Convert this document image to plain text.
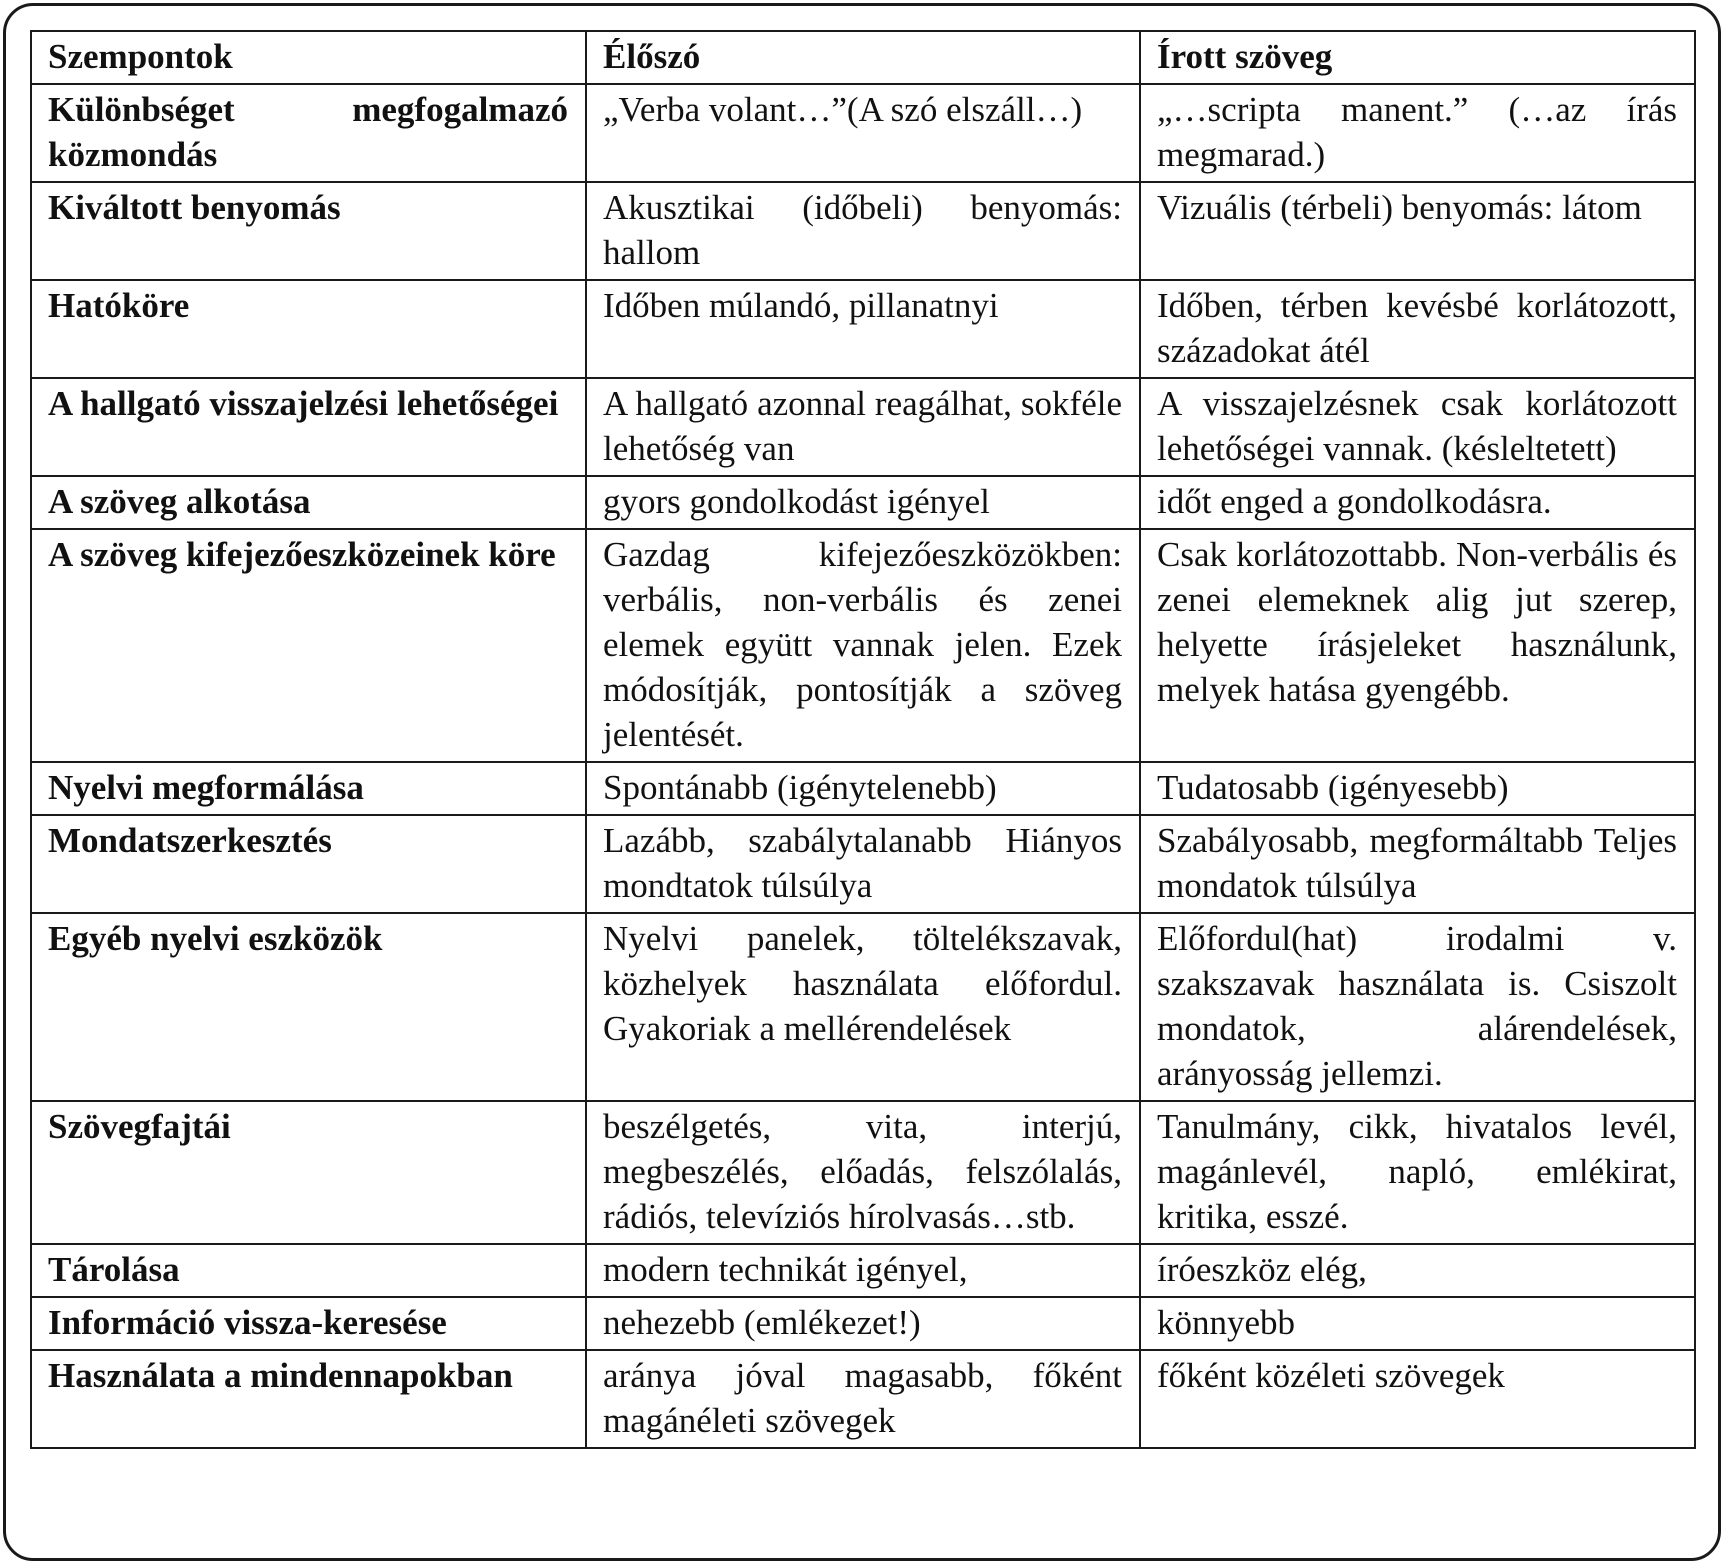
Szempontok	Élőszó	Írott szöveg
Különbséget megfogalmazó közmondás	„Verba volant…”(A szó elszáll…)	„…scripta manent.” (…az írás megmarad.)
Kiváltott benyomás	Akusztikai (időbeli) benyomás: hallom	Vizuális (térbeli) benyomás: látom
Hatóköre	Időben múlandó, pillanatnyi	Időben, térben kevésbé korlátozott, századokat átél
A hallgató visszajelzési lehetőségei	A hallgató azonnal reagálhat, sokféle lehetőség van	A visszajelzésnek csak korlátozott lehetőségei vannak. (késleltetett)
A szöveg alkotása	gyors gondolkodást igényel	időt enged a gondolkodásra.
A szöveg kifejezőeszközeinek köre	Gazdag kifejezőeszközökben: verbális, non-verbális és zenei elemek együtt vannak jelen. Ezek módosítják, pontosítják a szöveg jelentését.	Csak korlátozottabb. Non-verbális és zenei elemeknek alig jut szerep, helyette írásjeleket használunk, melyek hatása gyengébb.
Nyelvi megformálása	Spontánabb (igénytelenebb)	Tudatosabb (igényesebb)
Mondatszerkesztés	Lazább, szabálytalanabb Hiányos mondtatok túlsúlya	Szabályosabb, megformáltabb Teljes mondatok túlsúlya
Egyéb nyelvi eszközök	Nyelvi panelek, töltelékszavak, közhelyek használata előfordul. Gyakoriak a mellérendelések	Előfordul(hat) irodalmi v. szakszavak használata is. Csiszolt mondatok, alárendelések, arányosság jellemzi.
Szövegfajtái	beszélgetés, vita, interjú, megbeszélés, előadás, felszólalás, rádiós, televíziós hírolvasás…stb.	Tanulmány, cikk, hivatalos levél, magánlevél, napló, emlékirat, kritika, esszé.
Tárolása	modern technikát igényel,	íróeszköz elég,
Információ vissza-keresése	nehezebb (emlékezet!)	könnyebb
Használata a mindennapokban	aránya jóval magasabb, főként magánéleti szövegek	főként közéleti szövegek
